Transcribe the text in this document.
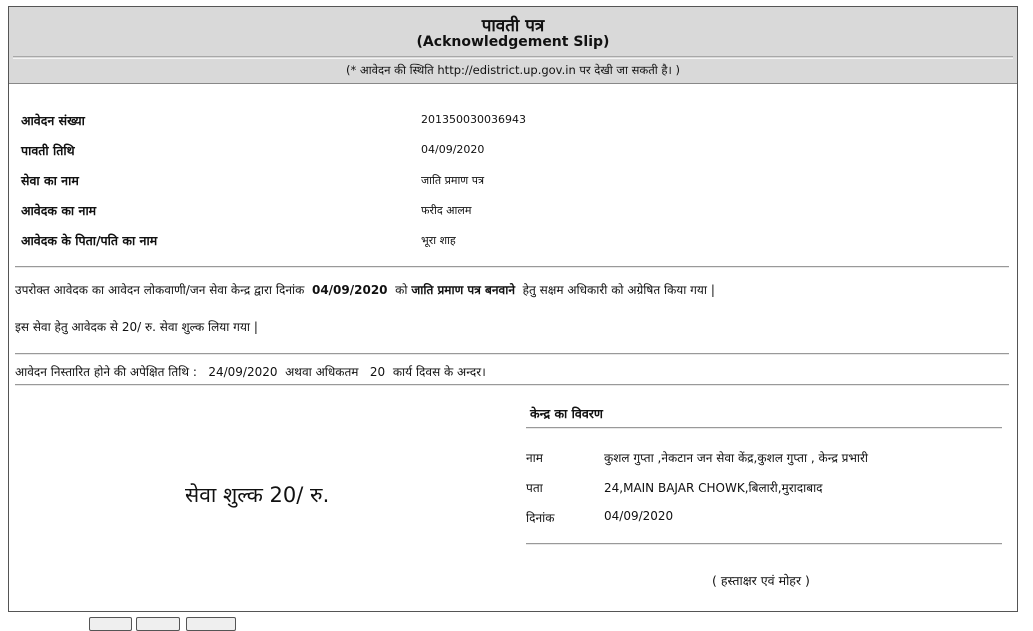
पावती पत्र
(Acknowledgement Slip)
(* आवेदन की स्थिति http://edistrict.up.gov.in पर देखी जा सकती है। )
आवेदन संख्या	201350030036943
पावती तिथि	04/09/2020
सेवा का नाम	जाति प्रमाण पत्र
आवेदक का नाम	फरीद आलम
आवेदक के पिता/पति का नाम	भूरा शाह
उपरोक्त आवेदक का आवेदन लोकवाणी/जन सेवा केन्द्र द्वारा दिनांक 04/09/2020 को जाति प्रमाण पत्र बनवाने हेतु सक्षम अधिकारी को अग्रेषित किया गया |
इस सेवा हेतु आवेदक से 20/ रु. सेवा शुल्क लिया गया |
आवेदन निस्तारित होने की अपेक्षित तिथि : 24/09/2020 अथवा अधिकतम 20 कार्य दिवस के अन्दर।
सेवा शुल्क 20/ रु.
केन्द्र का विवरण
नाम	कुशल गुप्ता ,नेकटान जन सेवा केंद्र,कुशल गुप्ता , केन्द्र प्रभारी
पता	24,MAIN BAJAR CHOWK,बिलारी,मुरादाबाद
दिनांक	04/09/2020
( हस्ताक्षर एवं मोहर )
